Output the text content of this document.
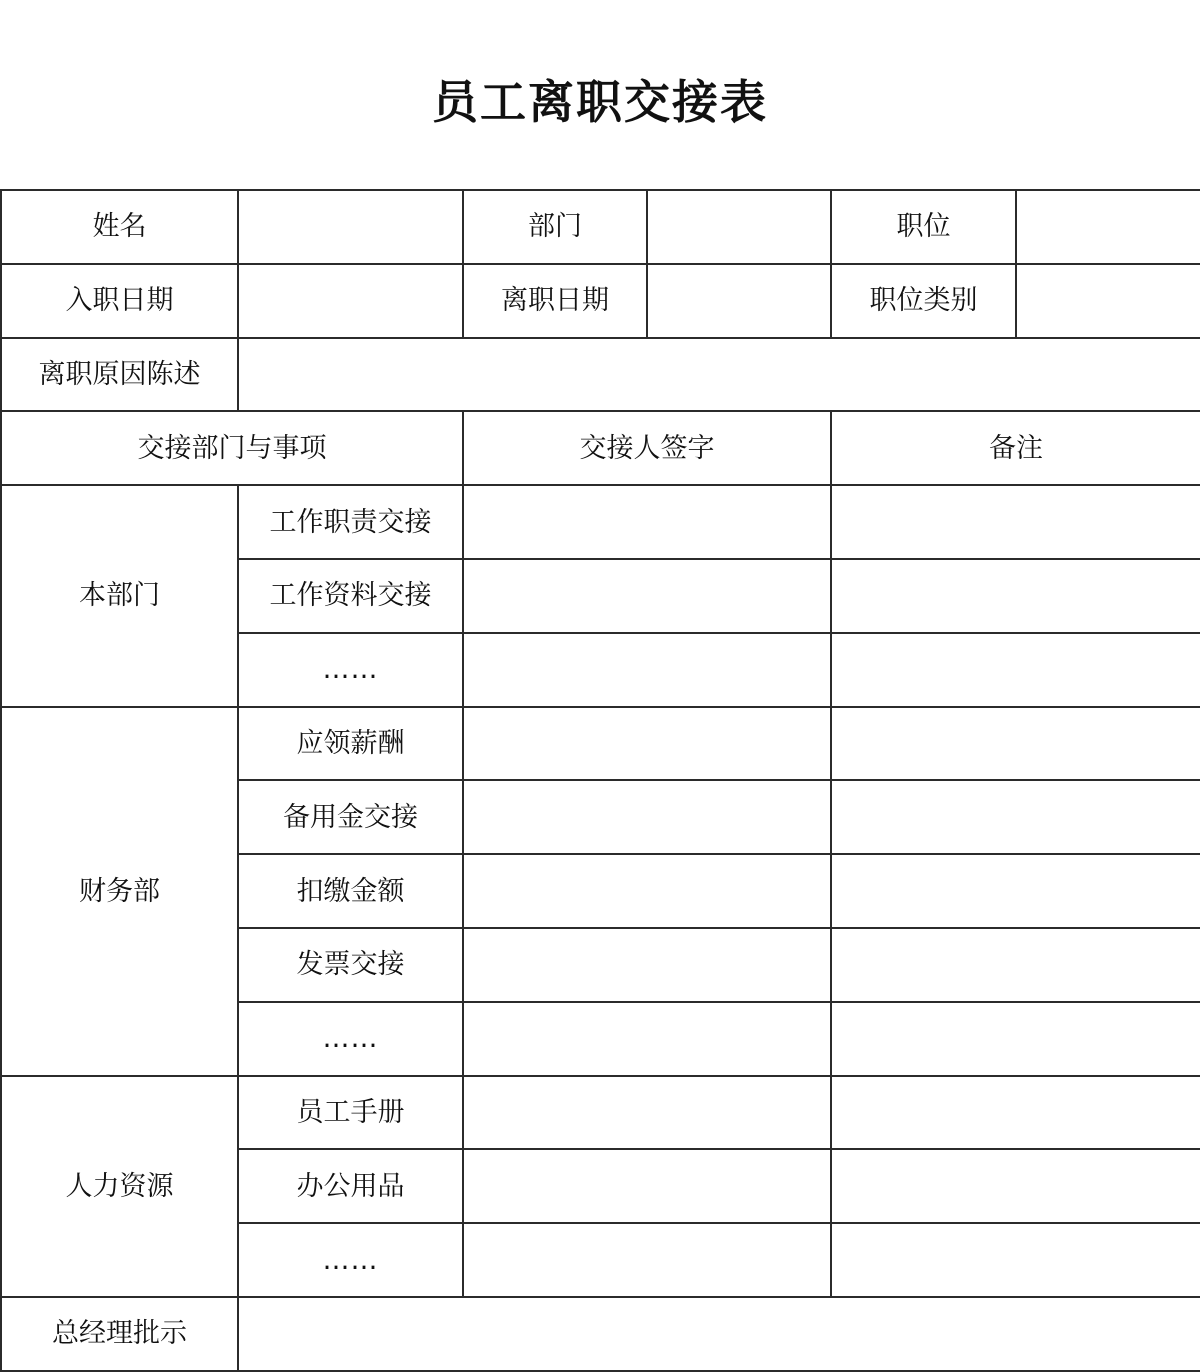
员工离职交接表
姓名		部门		职位	
入职日期		离职日期		职位类别	
离职原因陈述					
交接部门与事项		交接人签字		备注	
本部门	工作职责交接				
	工作资料交接				
	……				
财务部	应领薪酬				
	备用金交接				
	扣缴金额				
	发票交接				
	……				
人力资源	员工手册				
	办公用品				
	……				
总经理批示					
